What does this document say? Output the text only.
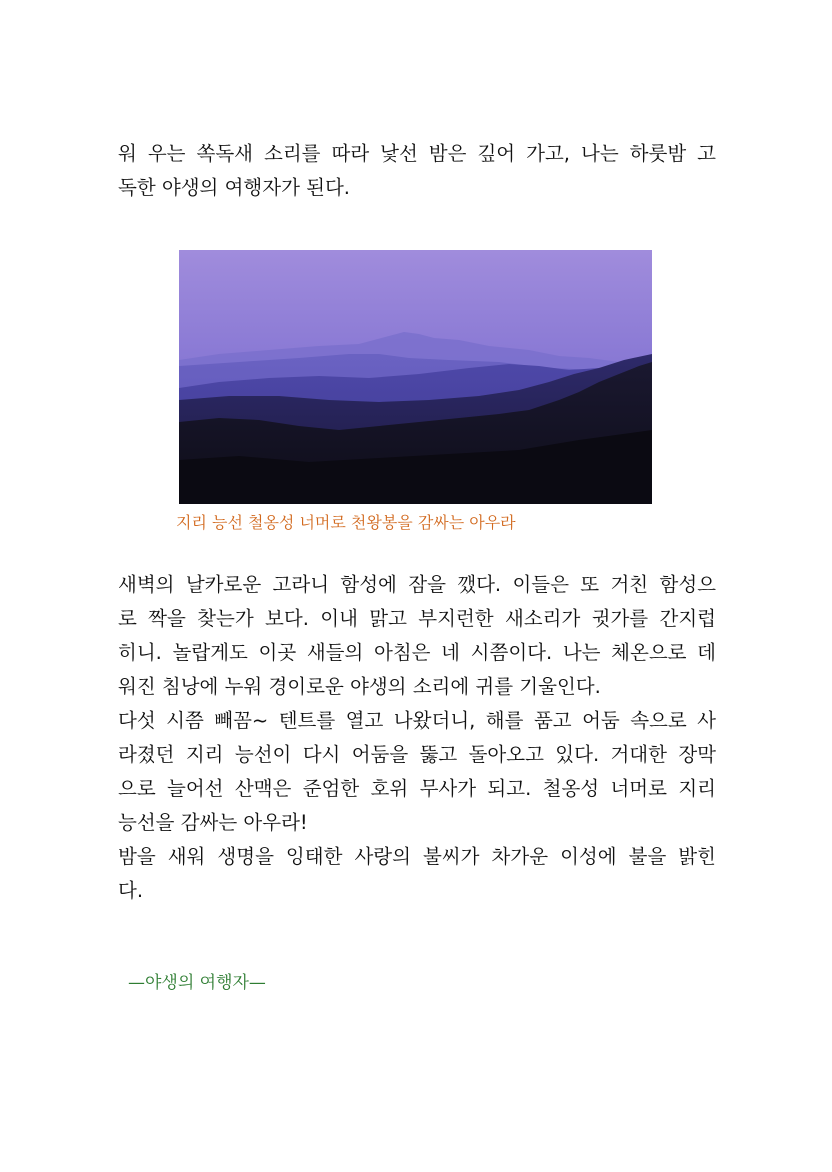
워 우는 쏙독새 소리를 따라 낯선 밤은 깊어 가고, 나는 하룻밤 고
독한 야생의 여행자가 된다.
지리 능선 철옹성 너머로 천왕봉을 감싸는 아우라
새벽의 날카로운 고라니 함성에 잠을 깼다. 이들은 또 거친 함성으
로 짝을 찾는가 보다. 이내 맑고 부지런한 새소리가 귓가를 간지럽
히니. 놀랍게도 이곳 새들의 아침은 네 시쯤이다. 나는 체온으로 데
워진 침낭에 누워 경이로운 야생의 소리에 귀를 기울인다.
다섯 시쯤 빼꼼~ 텐트를 열고 나왔더니, 해를 품고 어둠 속으로 사
라졌던 지리 능선이 다시 어둠을 뚫고 돌아오고 있다. 거대한 장막
으로 늘어선 산맥은 준엄한 호위 무사가 되고. 철옹성 너머로 지리
능선을 감싸는 아우라!
밤을 새워 생명을 잉태한 사랑의 불씨가 차가운 이성에 불을 밝힌
다.
—야생의 여행자—
